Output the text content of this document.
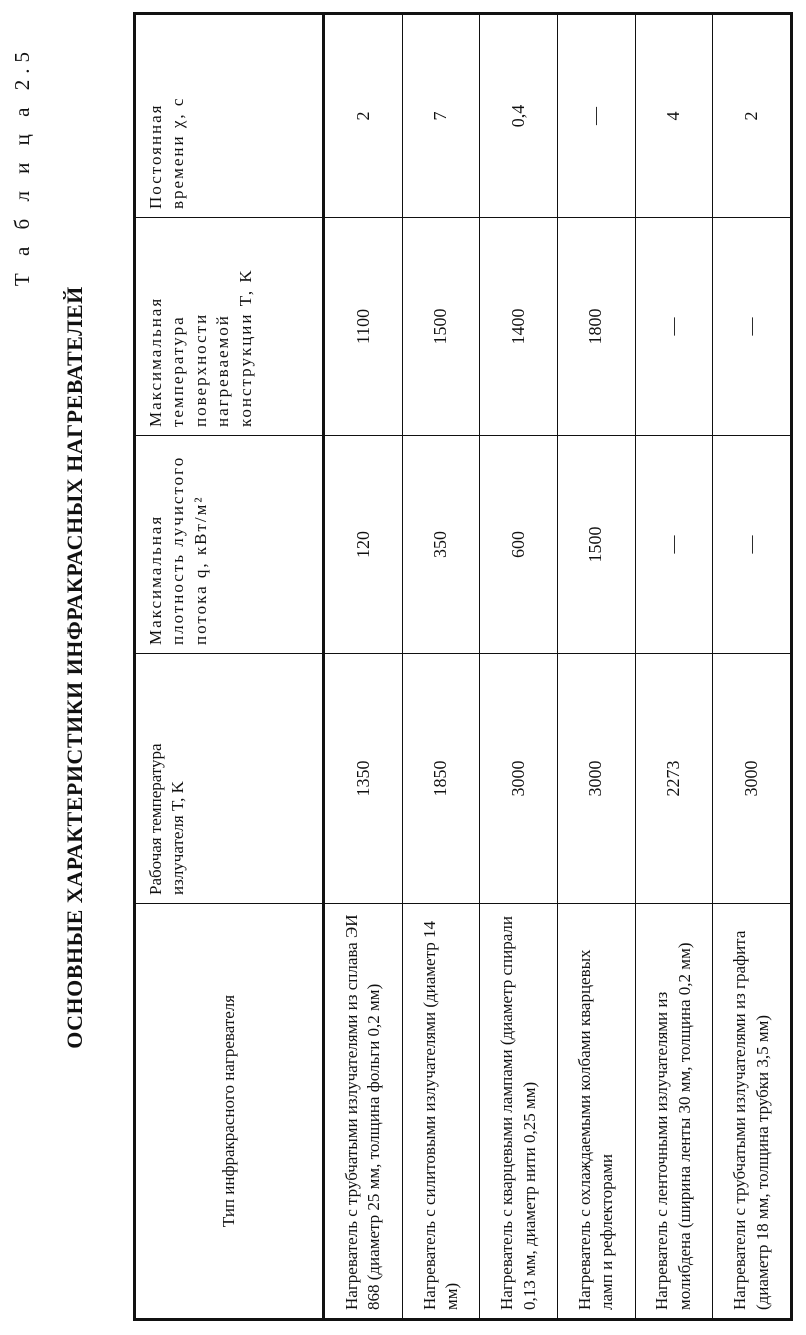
Т а б л и ц а 2.5
ОСНОВНЫЕ ХАРАКТЕРИСТИКИ ИНФРАКРАСНЫХ НАГРЕВАТЕЛЕЙ
Тип инфракрасного нагревателя	Рабочая температура излучателя T, K	Максимальная плотность лучистого потока q, кВт/м²	Максимальная температура поверхности нагреваемой конструкции T, K	Постоянная времени χ, с
Нагреватель с трубчатыми излучателями из сплава ЭИ 868 (диаметр 25 мм, толщина фольги 0,2 мм)	1350	120	1100	2
Нагреватель с силитовыми излучателями (диаметр 14 мм)	1850	350	1500	7
Нагреватель с кварцевыми лампами (диаметр спирали 0,13 мм, диаметр нити 0,25 мм)	3000	600	1400	0,4
Нагреватель с охлаждаемыми колбами кварцевых ламп и рефлекторами	3000	1500	1800	—
Нагреватель с ленточными излучателями из молибдена (ширина ленты 30 мм, толщина 0,2 мм)	2273	—	—	4
Нагреватели с трубчатыми излучателями из графита (диаметр 18 мм, толщина трубки 3,5 мм)	3000	—	—	2
